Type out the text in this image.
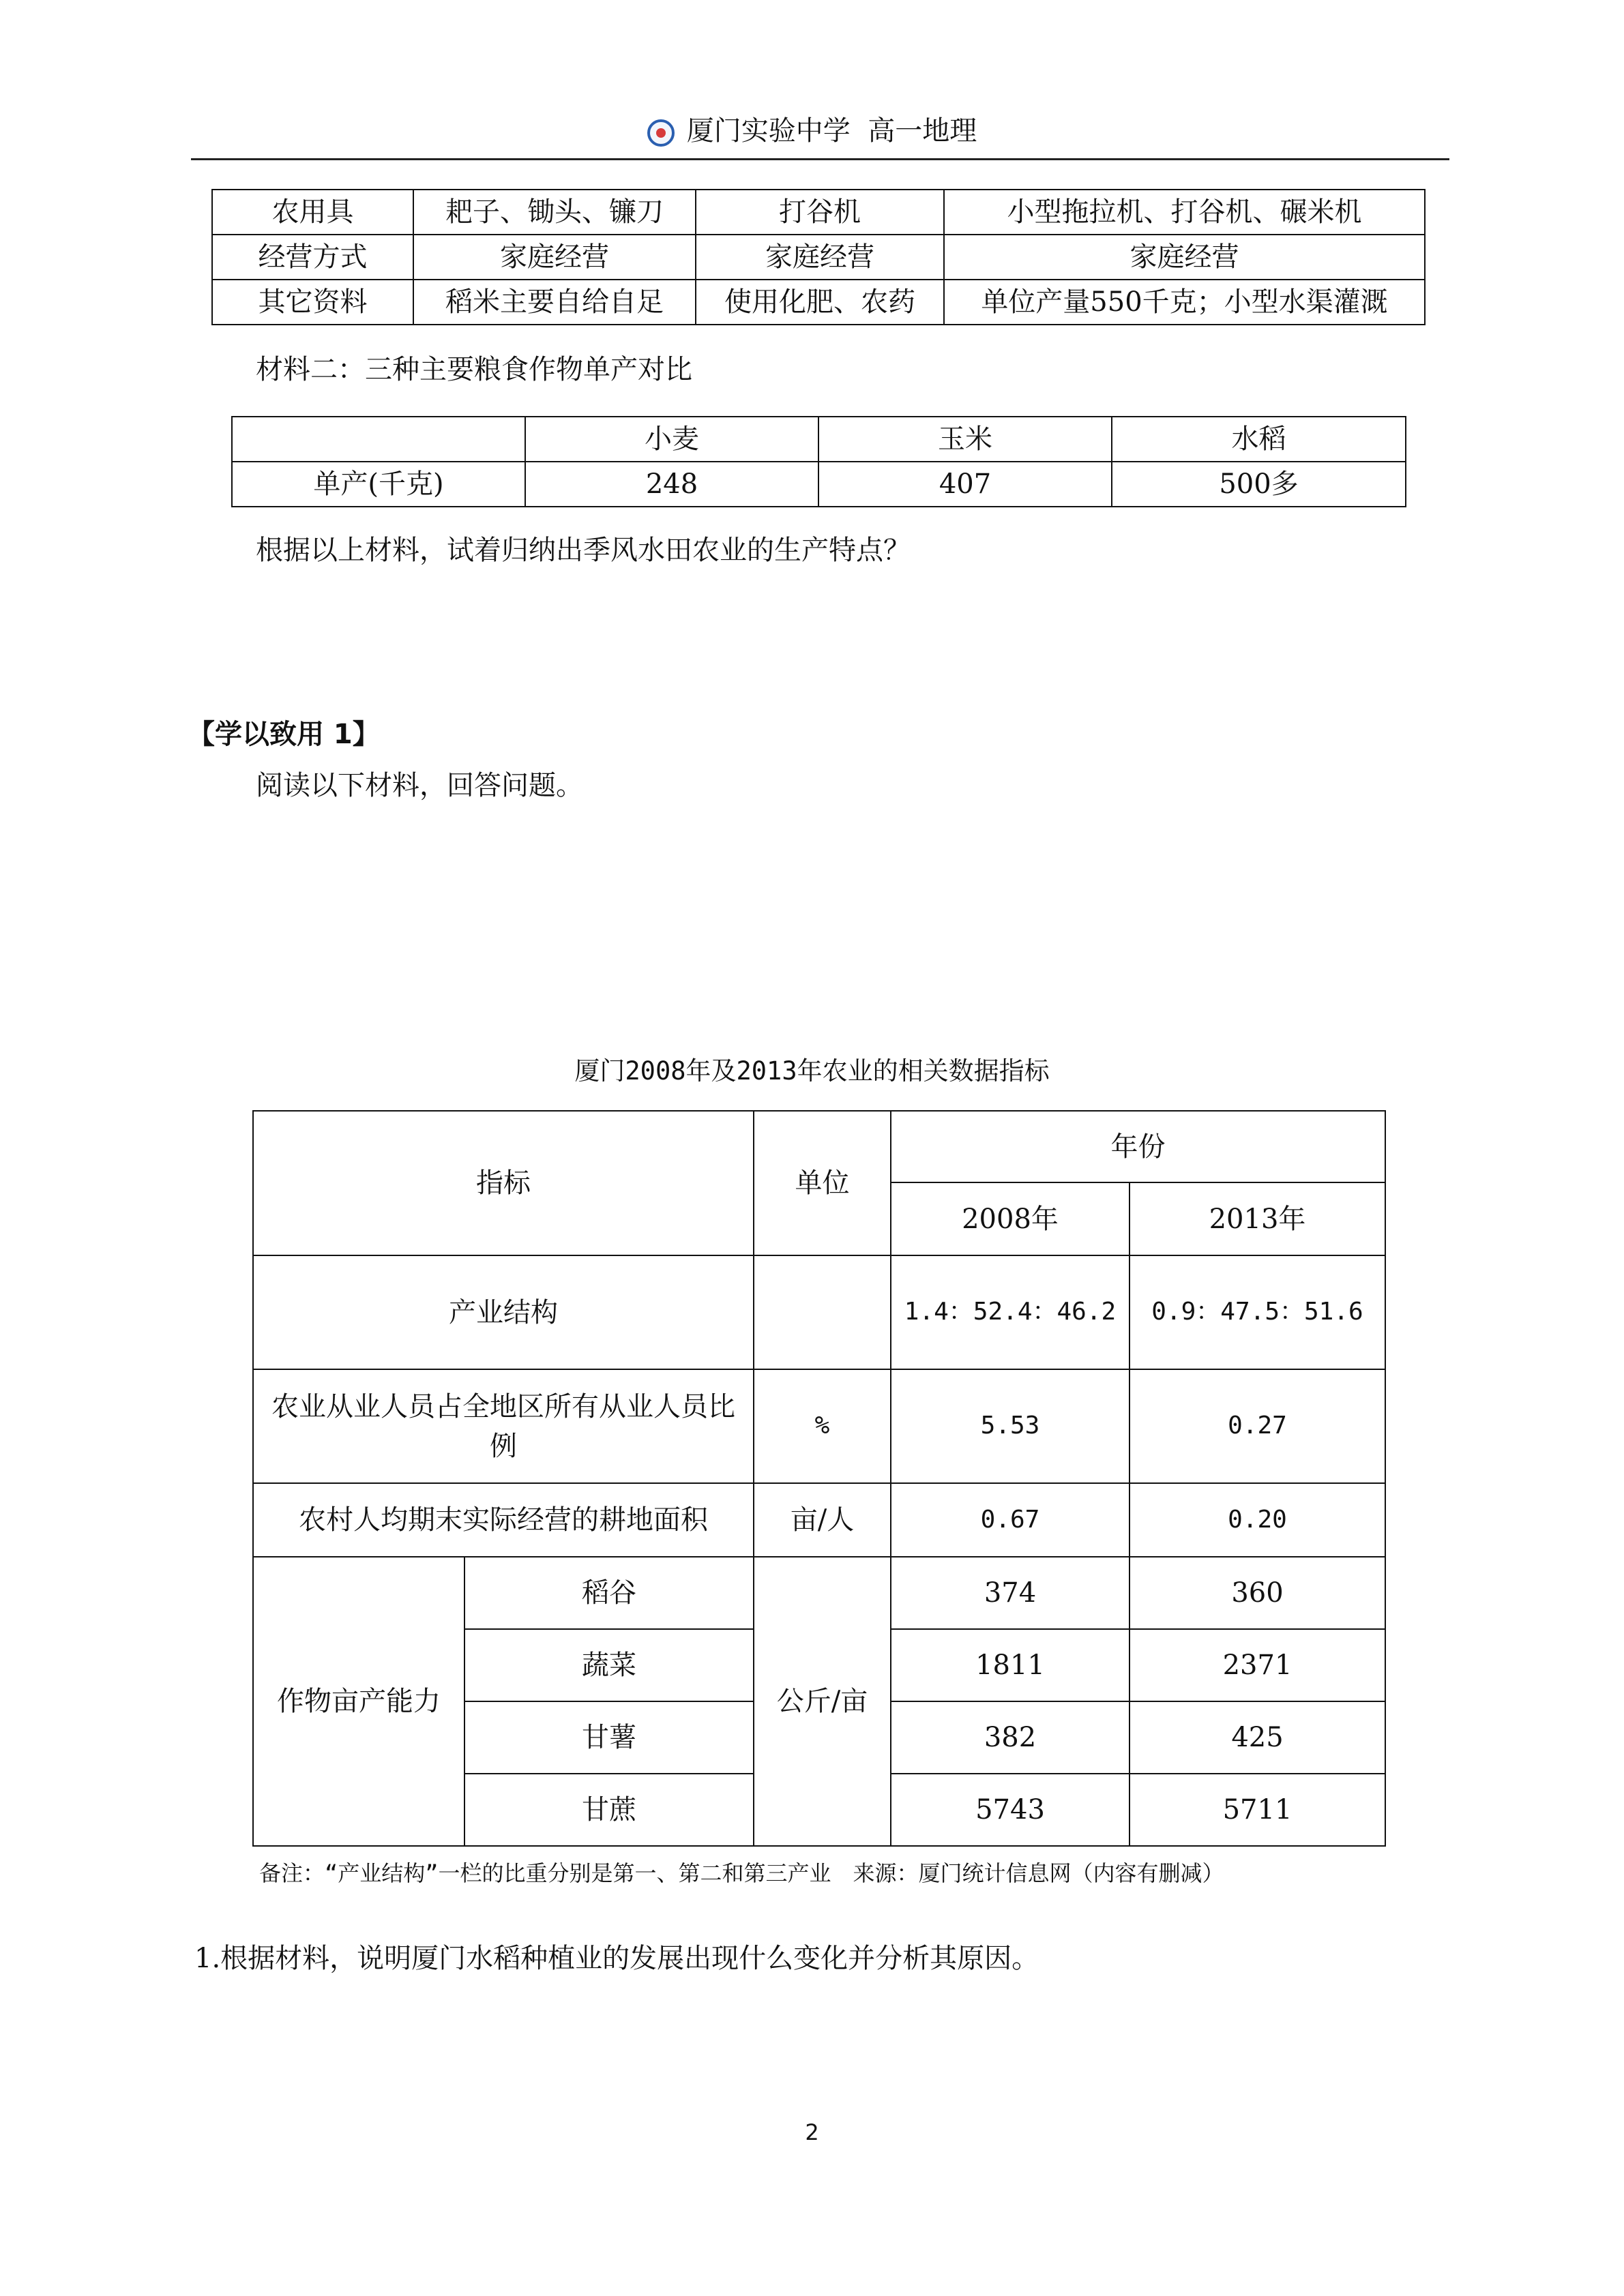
厦门实验中学 高一地理
农用具	耙子、锄头、镰刀	打谷机	小型拖拉机、打谷机、碾米机
经营方式	家庭经营	家庭经营	家庭经营
其它资料	稻米主要自给自足	使用化肥、农药	单位产量550千克；小型水渠灌溉
材料二：三种主要粮食作物单产对比
	小麦	玉米	水稻
单产(千克)	248	407	500多
根据以上材料，试着归纳出季风水田农业的生产特点？
【学以致用 1】
阅读以下材料，回答问题。
厦门2008年及2013年农业的相关数据指标
指标		单位	年份	
			2008年	2013年
产业结构			1.4：52.4：46.2	0.9：47.5：51.6
农业从业人员占全地区所有从业人员比例		%	5.53	0.27
农村人均期末实际经营的耕地面积		亩/人	0.67	0.20
作物亩产能力	稻谷	公斤/亩	374	360
	蔬菜		1811	2371
	甘薯		382	425
	甘蔗		5743	5711
备注：“产业结构”一栏的比重分别是第一、第二和第三产业　来源：厦门统计信息网（内容有删减）
1.根据材料，说明厦门水稻种植业的发展出现什么变化并分析其原因。
2
